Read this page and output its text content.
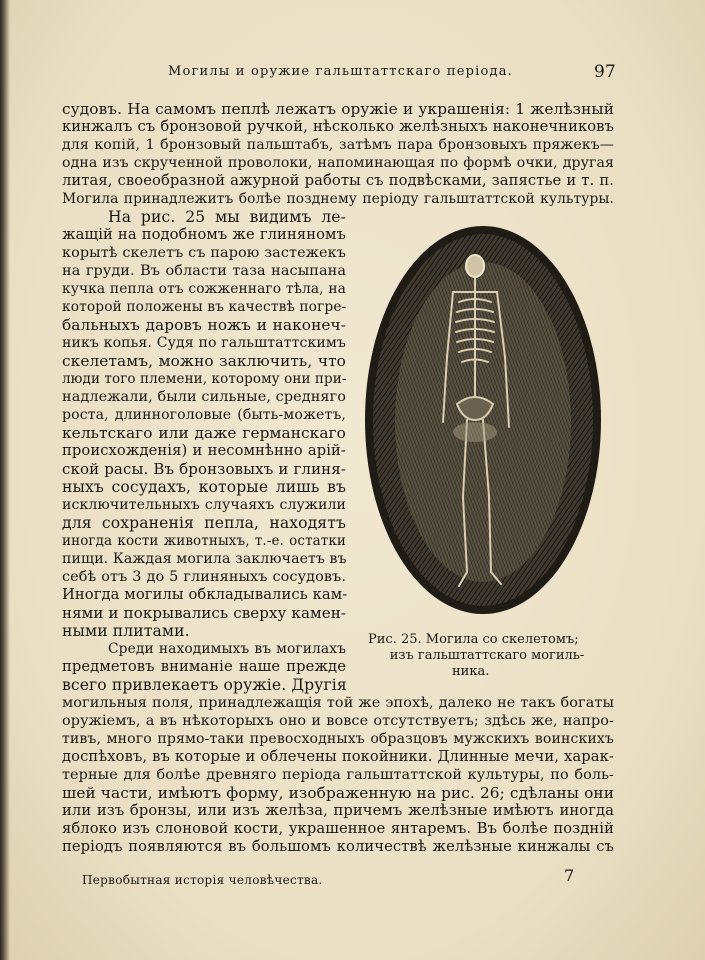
Могилы и оружие гальштаттскаго періода.	97
судовъ. На самомъ пеплѣ лежатъ оружіе и украшенія: 1 желѣзный
кинжалъ съ бронзовой ручкой, нѣсколько желѣзныхъ наконечниковъ
для копій, 1 бронзовый пальштабъ, затѣмъ пара бронзовыхъ пряжекъ—
одна изъ скрученной проволоки, напоминающая по формѣ очки, другая
литая, своеобразной ажурной работы съ подвѣсками, запястье и т. п.
Могила принадлежитъ болѣе позднему періоду гальштаттской культуры.
На рис. 25 мы видимъ ле-
жащій на подобномъ же глиняномъ
корытѣ скелетъ съ парою застежекъ
на груди. Въ области таза насыпана
кучка пепла отъ сожженнаго тѣла, на
которой положены въ качествѣ погре-
бальныхъ даровъ ножъ и наконеч-
никъ копья. Судя по гальштаттскимъ
скелетамъ, можно заключить, что
люди того племени, которому они при-
надлежали, были сильные, средняго
роста, длинноголовые (быть-можетъ,
кельтскаго или даже германскаго
происхожденія) и несомнѣнно арій-
ской расы. Въ бронзовыхъ и глиня-
ныхъ сосудахъ, которые лишь въ
исключительныхъ случаяхъ служили
для сохраненія пепла, находятъ
иногда кости животныхъ, т.-е. остатки
пищи. Каждая могила заключаетъ въ
себѣ отъ 3 до 5 глиняныхъ сосудовъ.
Иногда могилы обкладывались кам-
нями и покрывались сверху камен-
ными плитами.
Среди находимыхъ въ могилахъ
предметовъ вниманіе наше прежде
всего привлекаетъ оружіе. Другія
Рис. 25. Могила со скелетомъ;
изъ гальштаттскаго могиль-
ника.
могильныя поля, принадлежащія той же эпохѣ, далеко не такъ богаты
оружіемъ, а въ нѣкоторыхъ оно и вовсе отсутствуетъ; здѣсь же, напро-
тивъ, много прямо-таки превосходныхъ образцовъ мужскихъ воинскихъ
доспѣховъ, въ которые и облечены покойники. Длинные мечи, харак-
терные для болѣе древняго періода гальштаттской культуры, по боль-
шей части, имѣютъ форму, изображенную на рис. 26; сдѣланы они
или изъ бронзы, или изъ желѣза, причемъ желѣзные имѣютъ иногда
яблоко изъ слоновой кости, украшенное янтаремъ. Въ болѣе поздній
періодъ появляются въ большомъ количествѣ желѣзные кинжалы съ
Первобытная исторія человѣчества.	7
